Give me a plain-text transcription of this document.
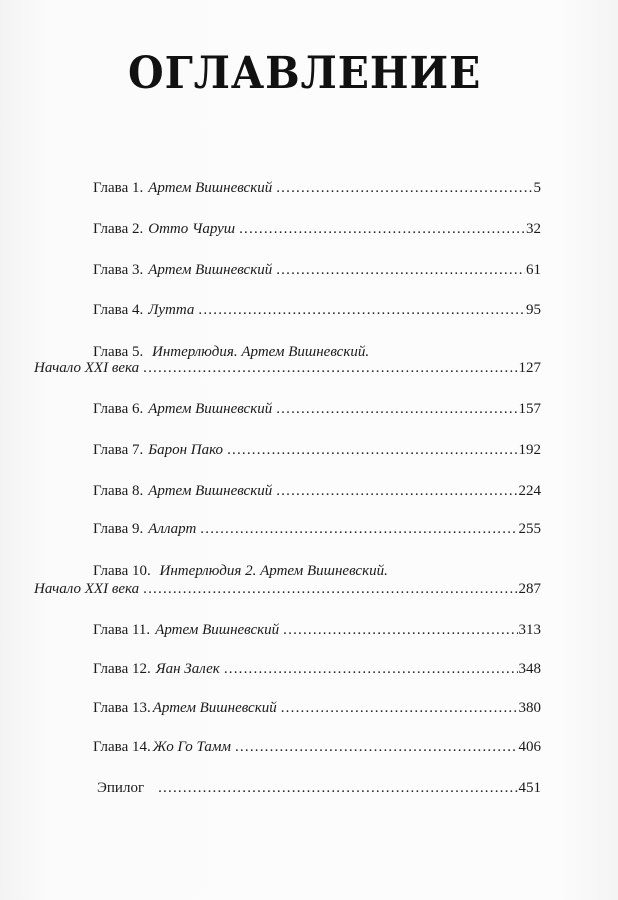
ОГЛАВЛЕНИЕ
Глава 1. Артем Вишневский .....	5
Глава 2. Отто Чаруш .....	32
Глава 3. Артем Вишневский .....	61
Глава 4. Лутта .....	95
Глава 5. Интерлюдия. Артем Вишневский.
Начало XXI века .....	127
Глава 6. Артем Вишневский .....	157
Глава 7. Барон Пако .....	192
Глава 8. Артем Вишневский .....	224
Глава 9. Алларт .....	255
Глава 10. Интерлюдия 2. Артем Вишневский.
Начало XXI века .....	287
Глава 11. Артем Вишневский .....	313
Глава 12. Яан Залек .....	348
Глава 13. Артем Вишневский .....	380
Глава 14. Жо Го Тамм .....	406
Эпилог .....	451
